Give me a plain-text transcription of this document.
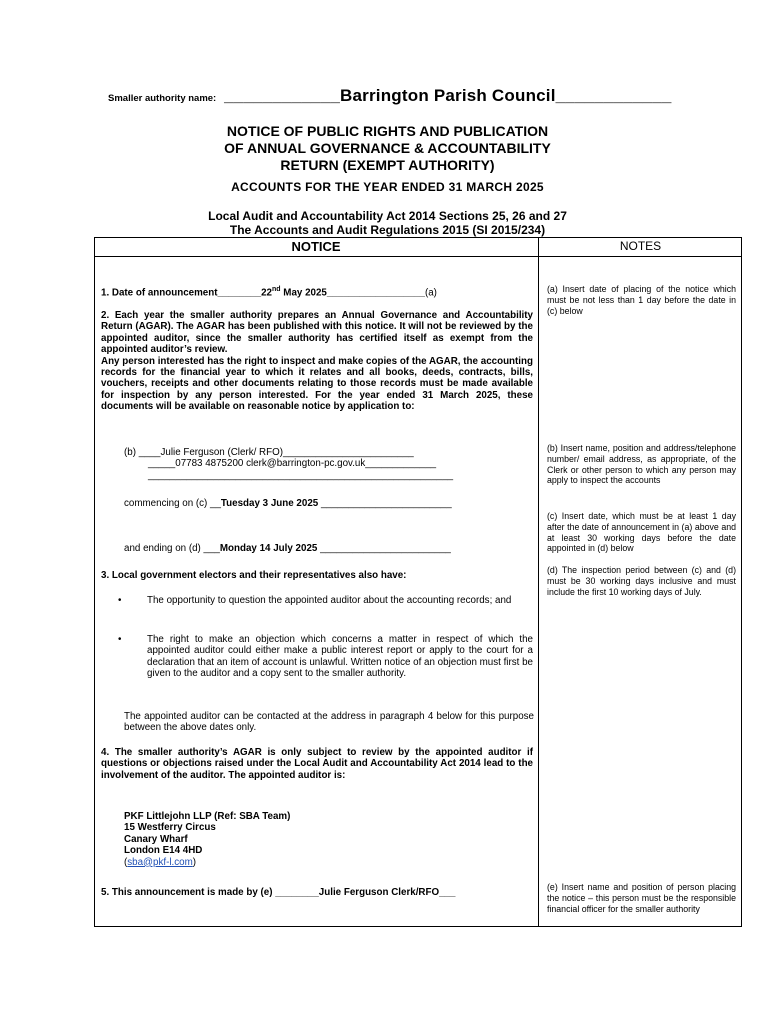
Smaller authority name: ____________Barrington Parish Council____________
NOTICE OF PUBLIC RIGHTS AND PUBLICATION
OF ANNUAL GOVERNANCE & ACCOUNTABILITY
RETURN (EXEMPT AUTHORITY)
ACCOUNTS FOR THE YEAR ENDED 31 MARCH 2025
Local Audit and Accountability Act 2014 Sections 25, 26 and 27
The Accounts and Audit Regulations 2015 (SI 2015/234)
NOTICE	NOTES
1. Date of announcement________22nd May 2025__________________(a)
2. Each year the smaller authority prepares an Annual Governance and Accountability Return (AGAR). The AGAR has been published with this notice. It will not be reviewed by the appointed auditor, since the smaller authority has certified itself as exempt from the appointed auditor’s review.
Any person interested has the right to inspect and make copies of the AGAR, the accounting records for the financial year to which it relates and all books, deeds, contracts, bills, vouchers, receipts and other documents relating to those records must be made available for inspection by any person interested. For the year ended 31 March 2025, these documents will be available on reasonable notice by application to:
(b) ____Julie Ferguson (Clerk/ RFO)________________________
_____07783 4875200 clerk@barrington-pc.gov.uk_____________
________________________________________________________
commencing on (c) __Tuesday 3 June 2025 ________________________
and ending on (d) ___Monday 14 July 2025 ________________________
3. Local government electors and their representatives also have:
•	The opportunity to question the appointed auditor about the accounting records; and
•	The right to make an objection which concerns a matter in respect of which the appointed auditor could either make a public interest report or apply to the court for a declaration that an item of account is unlawful. Written notice of an objection must first be given to the auditor and a copy sent to the smaller authority.
The appointed auditor can be contacted at the address in paragraph 4 below for this purpose between the above dates only.
4. The smaller authority’s AGAR is only subject to review by the appointed auditor if questions or objections raised under the Local Audit and Accountability Act 2014 lead to the involvement of the auditor. The appointed auditor is:
PKF Littlejohn LLP (Ref: SBA Team)
15 Westferry Circus
Canary Wharf
London E14 4HD
(sba@pkf-l.com)
5. This announcement is made by (e) ________Julie Ferguson Clerk/RFO___
(a) Insert date of placing of the notice which must be not less than 1 day before the date in (c) below
(b) Insert name, position and address/telephone number/ email address, as appropriate, of the Clerk or other person to which any person may apply to inspect the accounts
(c) Insert date, which must be at least 1 day after the date of announcement in (a) above and at least 30 working days before the date appointed in (d) below
(d) The inspection period between (c) and (d) must be 30 working days inclusive and must include the first 10 working days of July.
(e) Insert name and position of person placing the notice – this person must be the responsible financial officer for the smaller authority
